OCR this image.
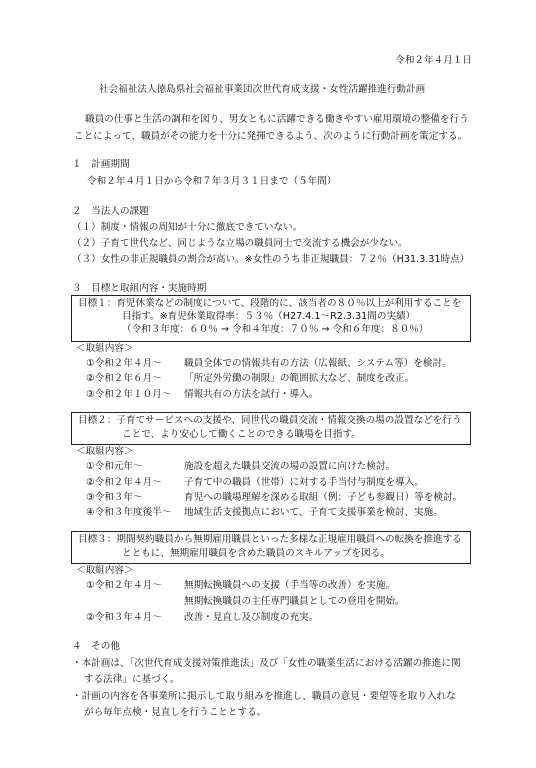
令和２年４月１日
社会福祉法人徳島県社会福祉事業団次世代育成支援・女性活躍推進行動計画
職員の仕事と生活の調和を図り、男女ともに活躍できる働きやすい雇用環境の整備を行う
ことによって、職員がその能力を十分に発揮できるよう、次のように行動計画を策定する。
１　計画期間
令和２年４月１日から令和７年３月３１日まで（５年間）
２　当法人の課題
（１）制度・情報の周知が十分に徹底できていない。
（２）子育て世代など、同じような立場の職員同士で交流する機会が少ない。
（３）女性の非正規職員の割合が高い。※女性のうち非正規職員：７２％（H31.3.31時点）
３　目標と取組内容・実施時期
目標１：育児休業などの制度について、段階的に、該当者の８０％以上が利用することを
目指す。※育児休業取得率：５３％（H27.4.1～R2.3.31間の実績）
（令和３年度：６０％ → 令和４年度：７０％ → 令和６年度：８０％）
＜取組内容＞
①令和２年４月～ 職員全体での情報共有の方法（広報紙、システム等）を検討。
②令和２年６月～ 「所定外労働の制限」の範囲拡大など、制度を改正。
③令和２年１０月～ 情報共有の方法を試行・導入。
目標２：子育てサービスへの支援や、同世代の職員交流・情報交換の場の設置などを行う
ことで、より安心して働くことのできる職場を目指す。
＜取組内容＞
①令和元年～	施設を超えた職員交流の場の設置に向けた検討。
②令和２年４月～ 子育て中の職員（世帯）に対する手当付与制度を導入。
③令和３年～	育児への職場理解を深める取組（例：子ども参観日）等を検討。
④令和３年度後半～ 地域生活支援拠点において、子育て支援事業を検討、実施。
目標３：期間契約職員から無期雇用職員といった多様な正規雇用職員への転換を推進する
とともに、無期雇用職員を含めた職員のスキルアップを図る。
＜取組内容＞
①令和２年４月～ 無期転換職員への支援（手当等の改善）を実施。
無期転換職員の主任専門職員としての登用を開始。
②令和３年４月～ 改善・見直し及び制度の充実。
４　その他
・本計画は、「次世代育成支援対策推進法」及び「女性の職業生活における活躍の推進に関
する法律」に基づく。
・計画の内容を各事業所に掲示して取り組みを推進し、職員の意見・要望等を取り入れな
がら毎年点検・見直しを行うこととする。
